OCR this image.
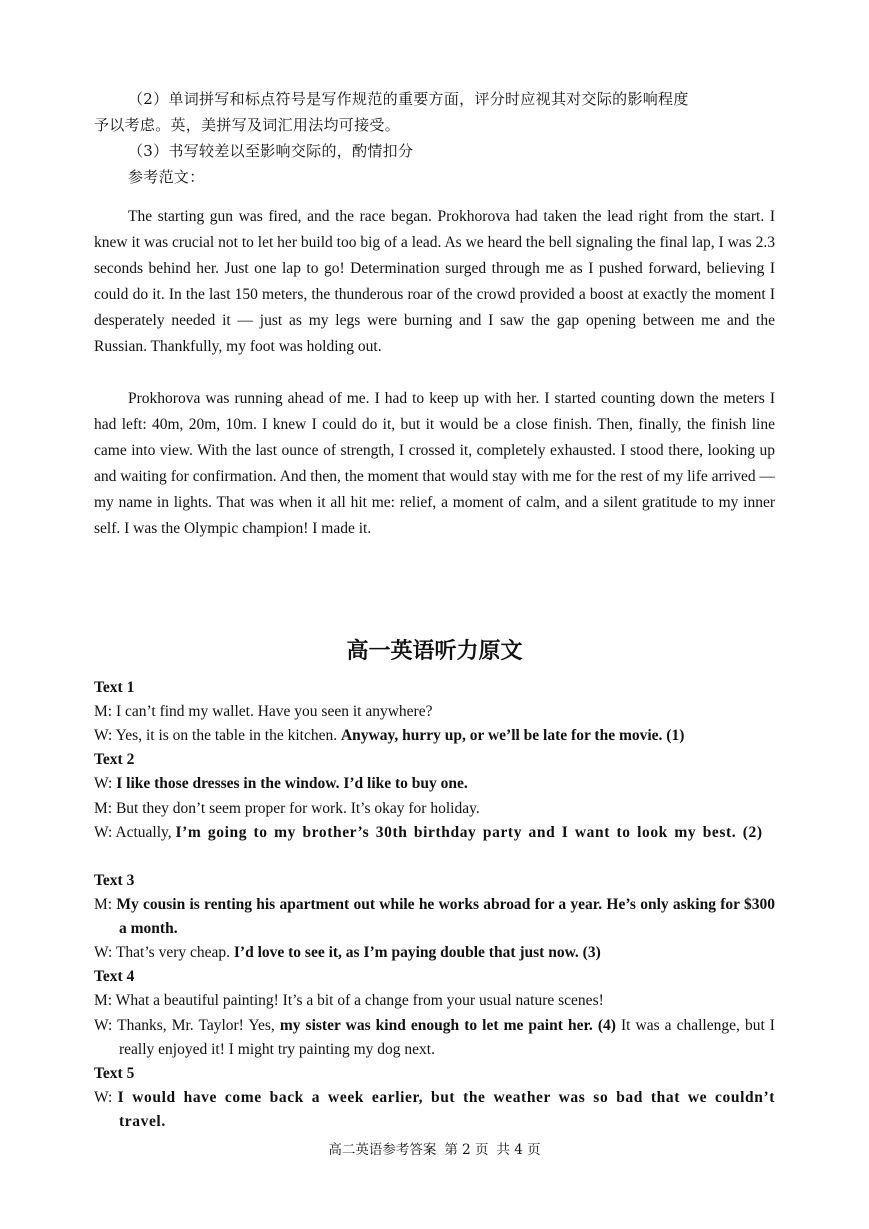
（2）单词拼写和标点符号是写作规范的重要方面，评分时应视其对交际的影响程度
予以考虑。英，美拼写及词汇用法均可接受。
（3）书写较差以至影响交际的，酌情扣分
参考范文：

The starting gun was fired, and the race began. Prokhorova had taken the lead right from the start. I knew it was crucial not to let her build too big of a lead. As we heard the bell signaling the final lap, I was 2.3 seconds behind her. Just one lap to go! Determination surged through me as I pushed forward, believing I could do it. In the last 150 meters, the thunderous roar of the crowd provided a boost at exactly the moment I desperately needed it — just as my legs were burning and I saw the gap opening between me and the Russian. Thankfully, my foot was holding out.

Prokhorova was running ahead of me. I had to keep up with her. I started counting down the meters I had left: 40m, 20m, 10m. I knew I could do it, but it would be a close finish. Then, finally, the finish line came into view. With the last ounce of strength, I crossed it, completely exhausted. I stood there, looking up and waiting for confirmation. And then, the moment that would stay with me for the rest of my life arrived — my name in lights. That was when it all hit me: relief, a moment of calm, and a silent gratitude to my inner self. I was the Olympic champion! I made it.

高一英语听力原文

Text 1

M: I can’t find my wallet. Have you seen it anywhere?

W: Yes, it is on the table in the kitchen. Anyway, hurry up, or we’ll be late for the movie. (1)

Text 2

W: I like those dresses in the window. I’d like to buy one.

M: But they don’t seem proper for work. It’s okay for holiday.

W: Actually, I’m going to my brother’s 30th birthday party and I want to look my best. (2)

Text 3

M: My cousin is renting his apartment out while he works abroad for a year. He’s only asking for $300 a month.

W: That’s very cheap. I’d love to see it, as I’m paying double that just now. (3)

Text 4

M: What a beautiful painting! It’s a bit of a change from your usual nature scenes!

W: Thanks, Mr. Taylor! Yes, my sister was kind enough to let me paint her. (4) It was a challenge, but I really enjoyed it! I might try painting my dog next.

Text 5

W: I would have come back a week earlier, but the weather was so bad that we couldn’t travel.

高二英语参考答案 第 2 页 共 4 页
